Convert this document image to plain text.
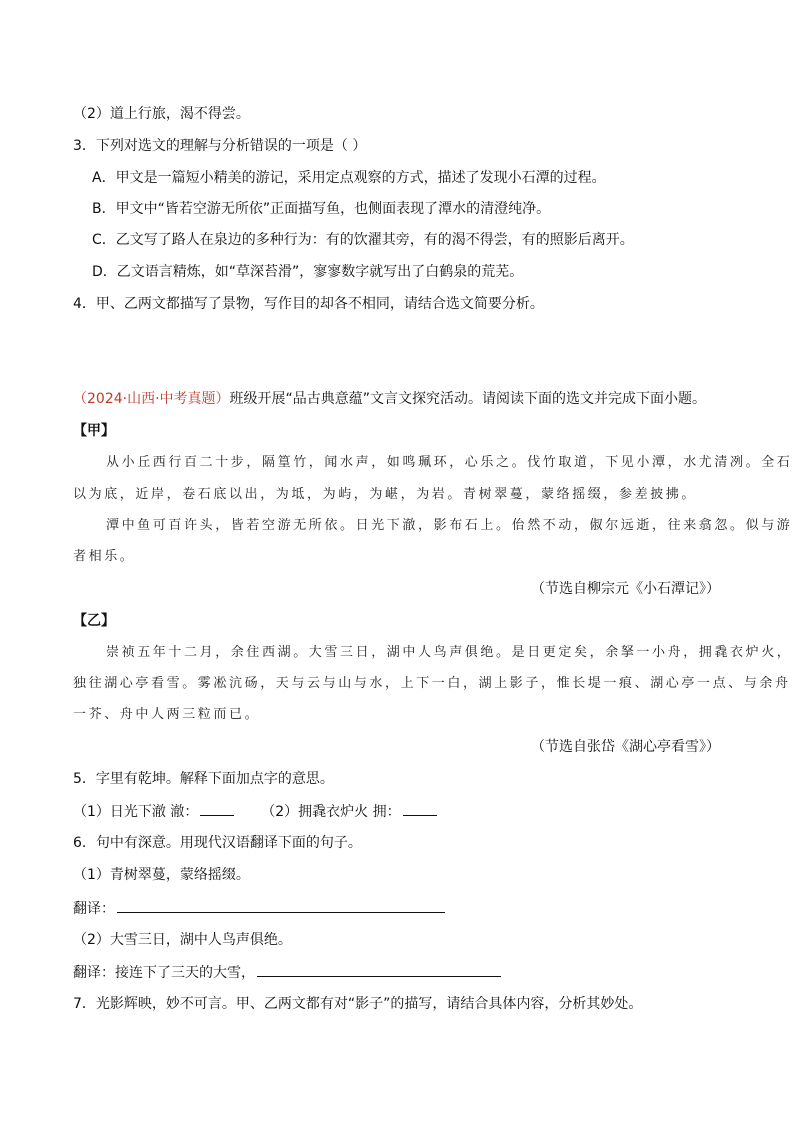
（2）道上行旅，渴不得尝。
3．下列对选文的理解与分析错误的一项是（ ）
A．甲文是一篇短小精美的游记，采用定点观察的方式，描述了发现小石潭的过程。
B．甲文中“皆若空游无所依”正面描写鱼，也侧面表现了潭水的清澄纯净。
C．乙文写了路人在泉边的多种行为：有的饮濯其旁，有的渴不得尝，有的照影后离开。
D．乙文语言精炼，如“草深苔滑”，寥寥数字就写出了白鹤泉的荒芜。
4．甲、乙两文都描写了景物，写作目的却各不相同，请结合选文简要分析。
（2024·山西·中考真题）班级开展“品古典意蕴”文言文探究活动。请阅读下面的选文并完成下面小题。
【甲】
从小丘西行百二十步，隔篁竹，闻水声，如鸣珮环，心乐之。伐竹取道，下见小潭，水尤清冽。全石
以为底，近岸，卷石底以出，为坻，为屿，为嵁，为岩。青树翠蔓，蒙络摇缀，参差披拂。
潭中鱼可百许头，皆若空游无所依。日光下澈，影布石上。佁然不动，俶尔远逝，往来翕忽。似与游
者相乐。
（节选自柳宗元《小石潭记》）
【乙】
崇祯五年十二月，余住西湖。大雪三日，湖中人鸟声俱绝。是日更定矣，余拏一小舟，拥毳衣炉火，
独往湖心亭看雪。雾凇沆砀，天与云与山与水，上下一白，湖上影子，惟长堤一痕、湖心亭一点、与余舟
一芥、舟中人两三粒而已。
（节选自张岱《湖心亭看雪》）
5．字里有乾坤。解释下面加点字的意思。
（1）日光下澈 澈：	（2）拥毳衣炉火 拥：
6．句中有深意。用现代汉语翻译下面的句子。
（1）青树翠蔓，蒙络摇缀。
翻译：
（2）大雪三日，湖中人鸟声俱绝。
翻译：接连下了三天的大雪，
7．光影辉映，妙不可言。甲、乙两文都有对“影子”的描写，请结合具体内容，分析其妙处。
